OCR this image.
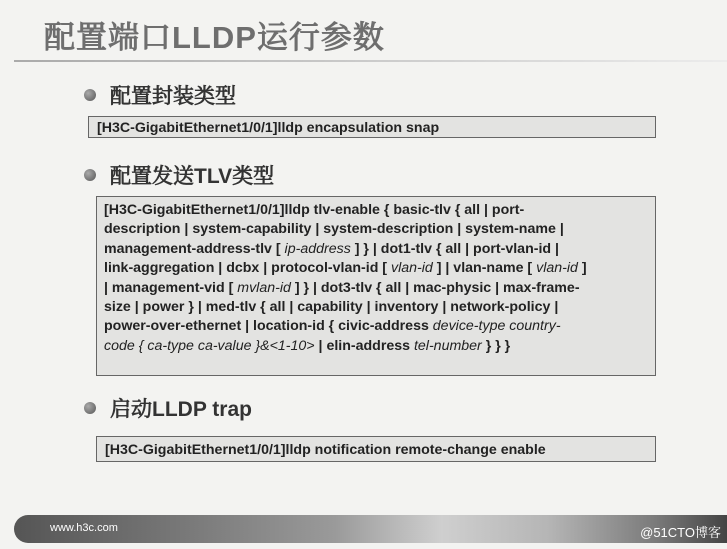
配置端口LLDP运行参数
配置封装类型
[H3C-GigabitEthernet1/0/1]lldp encapsulation snap
配置发送TLV类型
[H3C-GigabitEthernet1/0/1]lldp tlv-enable { basic-tlv { all | port-
description | system-capability | system-description | system-name |
management-address-tlv [ ip-address ] } | dot1-tlv { all | port-vlan-id |
link-aggregation | dcbx | protocol-vlan-id [ vlan-id ] | vlan-name [ vlan-id ]
| management-vid [ mvlan-id ] } | dot3-tlv { all | mac-physic | max-frame-
size | power } | med-tlv { all | capability | inventory | network-policy |
power-over-ethernet | location-id { civic-address device-type country-
code { ca-type ca-value }&<1-10> | elin-address tel-number } } }
启动LLDP trap
[H3C-GigabitEthernet1/0/1]lldp notification remote-change enable
www.h3c.com	@51CTO博客
